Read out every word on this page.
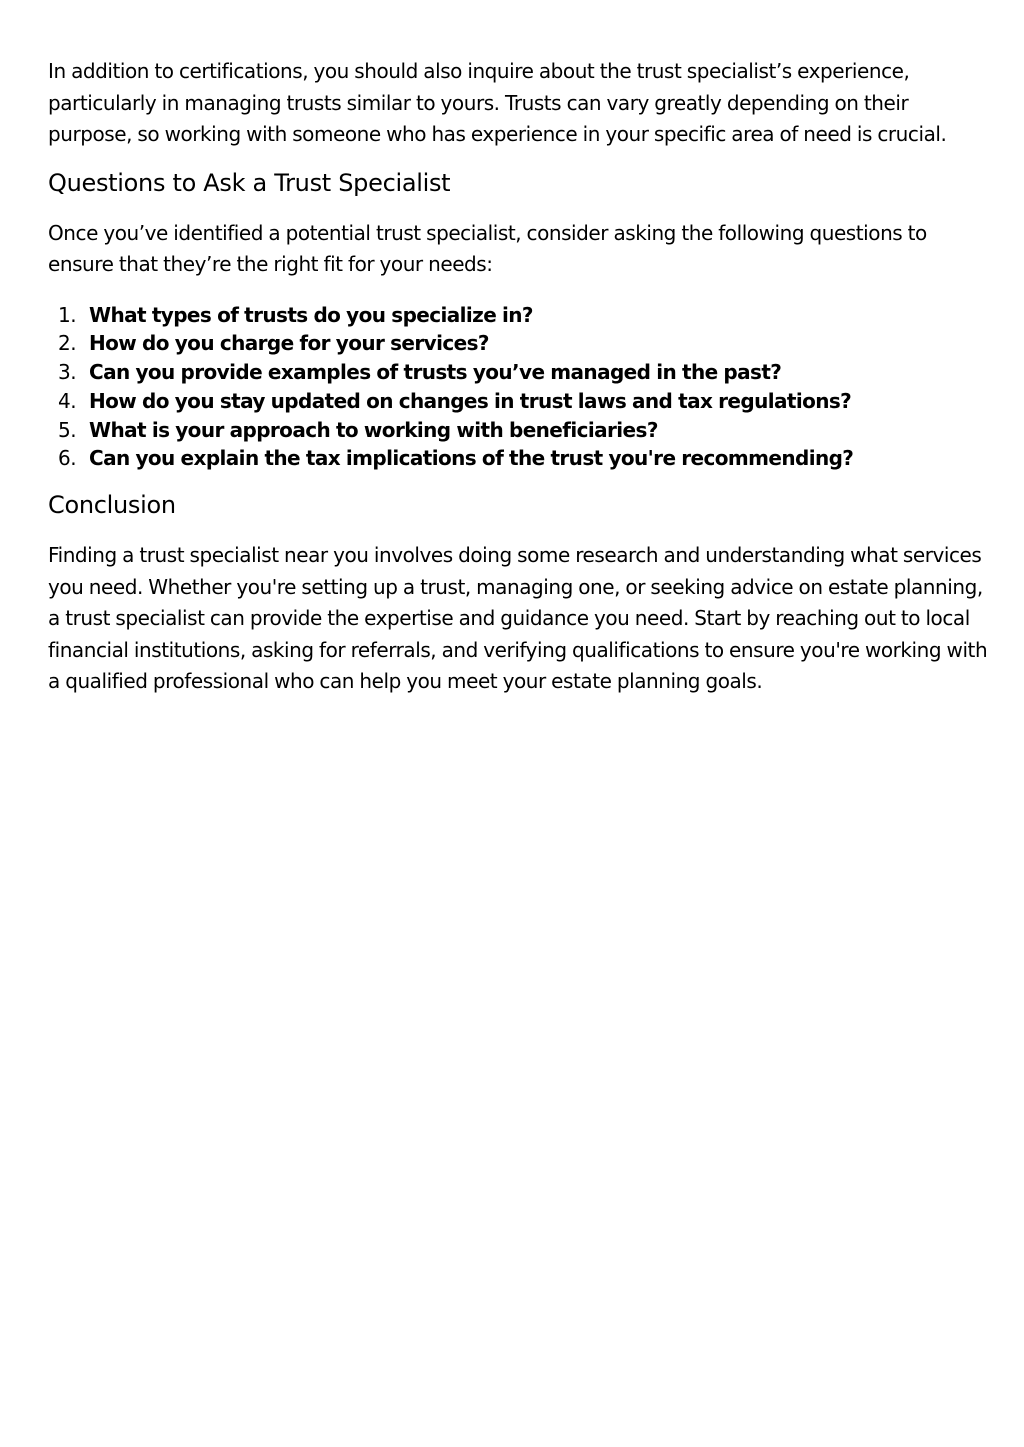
In addition to certifications, you should also inquire about the trust specialist’s experience, particularly in managing trusts similar to yours. Trusts can vary greatly depending on their purpose, so working with someone who has experience in your specific area of need is crucial.

Questions to Ask a Trust Specialist

Once you’ve identified a potential trust specialist, consider asking the following questions to ensure that they’re the right fit for your needs:

1. What types of trusts do you specialize in?
2. How do you charge for your services?
3. Can you provide examples of trusts you’ve managed in the past?
4. How do you stay updated on changes in trust laws and tax regulations?
5. What is your approach to working with beneficiaries?
6. Can you explain the tax implications of the trust you're recommending?
Conclusion

Finding a trust specialist near you involves doing some research and understanding what services you need. Whether you're setting up a trust, managing one, or seeking advice on estate planning, a trust specialist can provide the expertise and guidance you need. Start by reaching out to local financial institutions, asking for referrals, and verifying qualifications to ensure you're working with a qualified professional who can help you meet your estate planning goals.
